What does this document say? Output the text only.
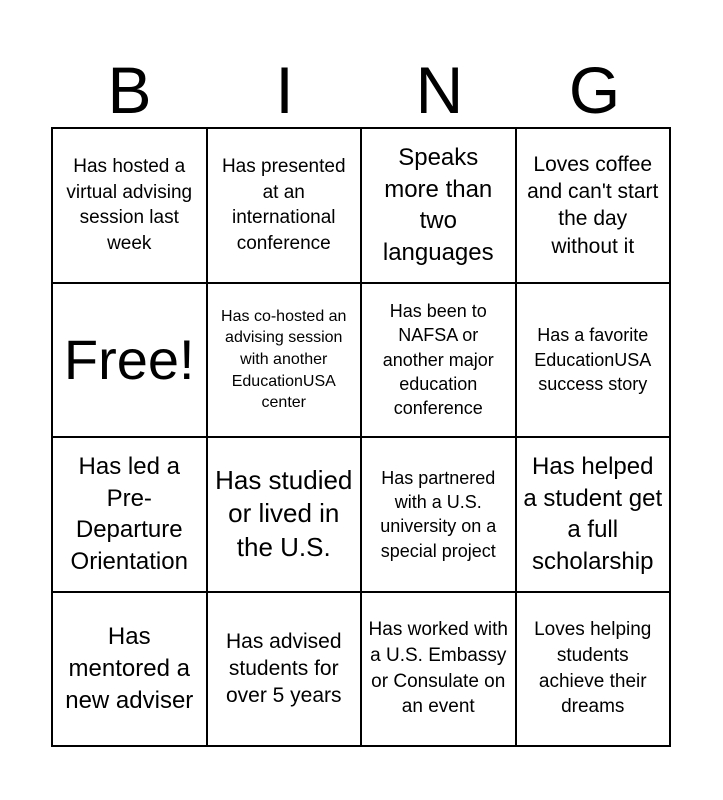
B	I	N	G
Has hosted a virtual advising session last week
Has presented at an international conference
Speaks more than two languages
Loves coffee and can't start the day without it
Free!
Has co-hosted an advising session with another EducationUSA center
Has been to NAFSA or another major education conference
Has a favorite EducationUSA success story
Has led a Pre-Departure Orientation
Has studied or lived in the U.S.
Has partnered with a U.S. university on a special project
Has helped a student get a full scholarship
Has mentored a new adviser
Has advised students for over 5 years
Has worked with a U.S. Embassy or Consulate on an event
Loves helping students achieve their dreams
